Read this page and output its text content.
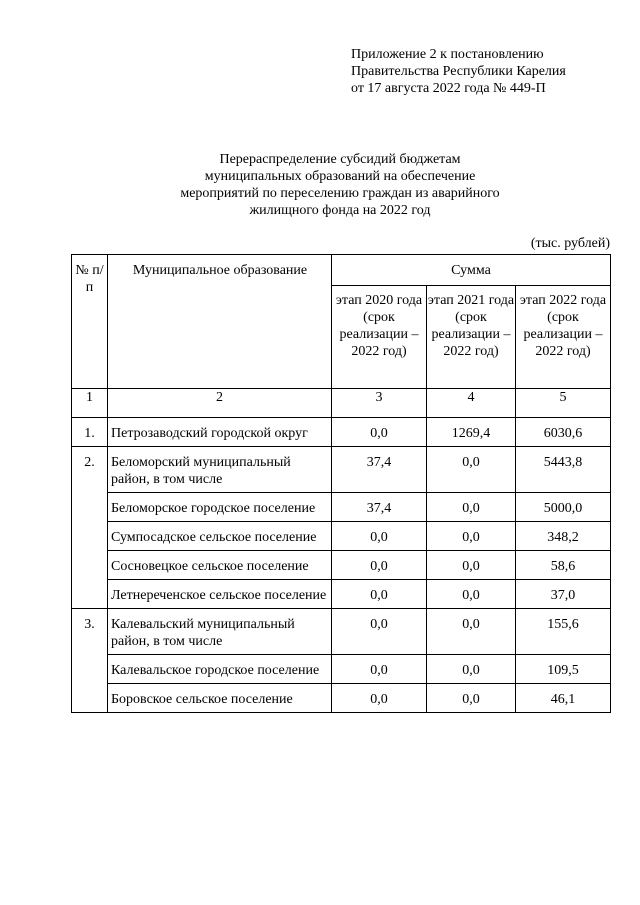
Приложение 2 к постановлению
Правительства Республики Карелия
от 17 августа 2022 года № 449-П
Перераспределение субсидий бюджетам
муниципальных образований на обеспечение
мероприятий по переселению граждан из аварийного
жилищного фонда на 2022 год
(тыс. рублей)
№ п/п	Муниципальное образование	Сумма		
		этап 2020 года (срок реализации – 2022 год)	этап 2021 года (срок реализации – 2022 год)	этап 2022 года (срок реализации – 2022 год)
1	2	3	4	5
1.	Петрозаводский городской округ	0,0	1269,4	6030,6
2.	Беломорский муниципальный район, в том числе	37,4	0,0	5443,8
	Беломорское городское поселение	37,4	0,0	5000,0
	Сумпосадское сельское поселение	0,0	0,0	348,2
	Сосновецкое сельское поселение	0,0	0,0	58,6
	Летнереченское сельское поселение	0,0	0,0	37,0
3.	Калевальский муниципальный район, в том числе	0,0	0,0	155,6
	Калевальское городское поселение	0,0	0,0	109,5
	Боровское сельское поселение	0,0	0,0	46,1
